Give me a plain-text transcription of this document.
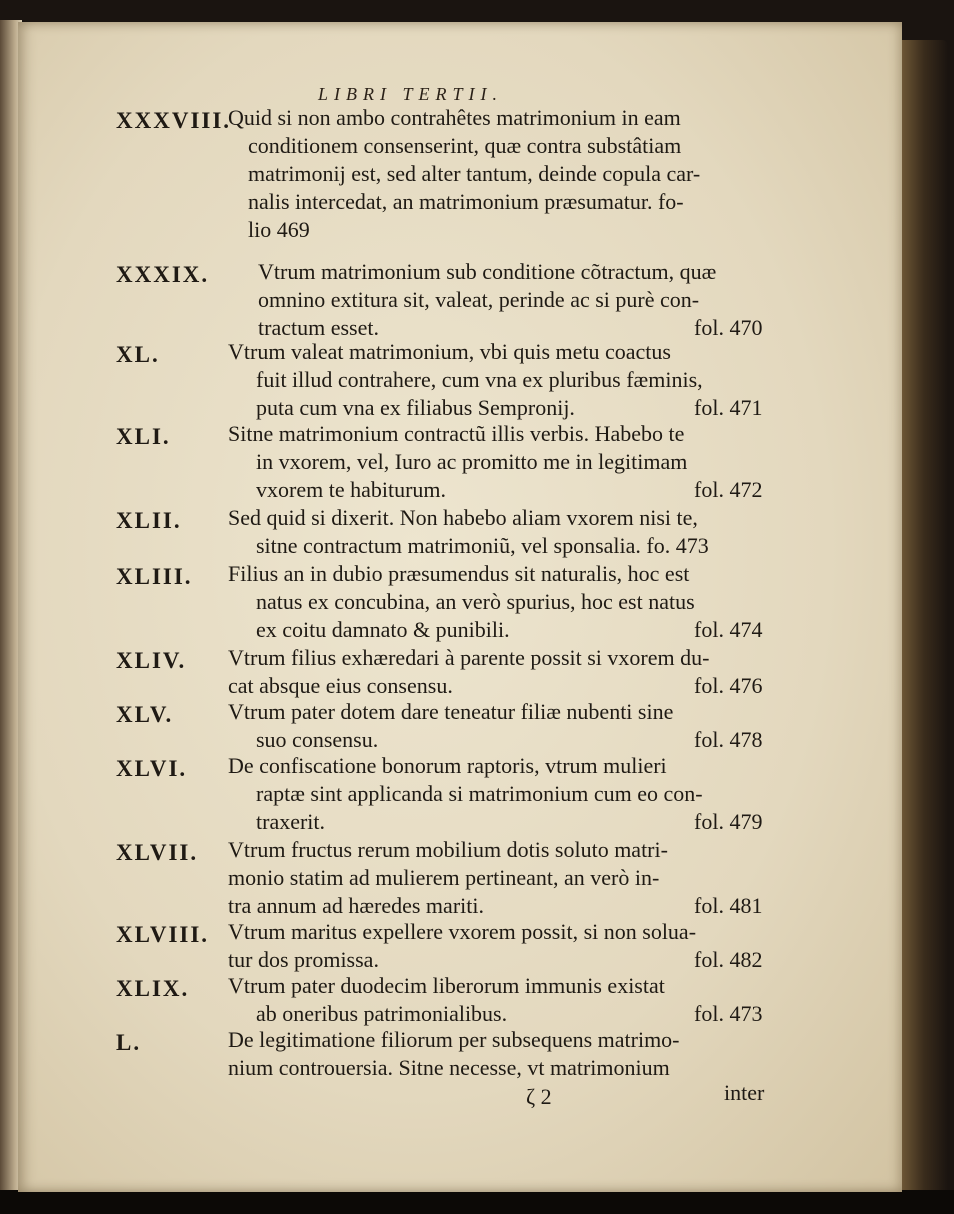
LIBRI TERTII.
XXXVIII.
Quid si non ambo contrahêtes matrimonium in eam
conditionem consenserint, quæ contra substâtiam
matrimonij est, sed alter tantum, deinde copula car-
nalis intercedat, an matrimonium præsumatur. fo-
lio 469
XXXIX. Vtrum matrimonium sub conditione cõtractum, quæ
omnino extitura sit, valeat, perinde ac si purè con-
tractum esset.	fol. 470
XL.	Vtrum valeat matrimonium, vbi quis metu coactus
fuit illud contrahere, cum vna ex pluribus fæminis,
puta cum vna ex filiabus Sempronij.	fol. 471
XLI.	Sitne matrimonium contractũ illis verbis. Habebo te
in vxorem, vel, Iuro ac promitto me in legitimam
vxorem te habiturum.	fol. 472
XLII. Sed quid si dixerit. Non habebo aliam vxorem nisi te,
sitne contractum matrimoniũ, vel sponsalia. fo. 473
XLIII. Filius an in dubio præsumendus sit naturalis, hoc est
natus ex concubina, an verò spurius, hoc est natus
ex coitu damnato & punibili.	fol. 474
XLIV. Vtrum filius exhæredari à parente possit si vxorem du-
cat absque eius consensu.	fol. 476
XLV. Vtrum pater dotem dare teneatur filiæ nubenti sine
suo consensu.	fol. 478
XLVI. De confiscatione bonorum raptoris, vtrum mulieri
raptæ sint applicanda si matrimonium cum eo con-
traxerit.	fol. 479
XLVII. Vtrum fructus rerum mobilium dotis soluto matri-
monio statim ad mulierem pertineant, an verò in-
tra annum ad hæredes mariti.	fol. 481
XLVIII. Vtrum maritus expellere vxorem possit, si non solua-
tur dos promissa.	fol. 482
XLIX. Vtrum pater duodecim liberorum immunis existat
ab oneribus patrimonialibus.	fol. 473
L.	De legitimatione filiorum per subsequens matrimo-
nium controuersia. Sitne necesse, vt matrimonium
ζ 2	inter
